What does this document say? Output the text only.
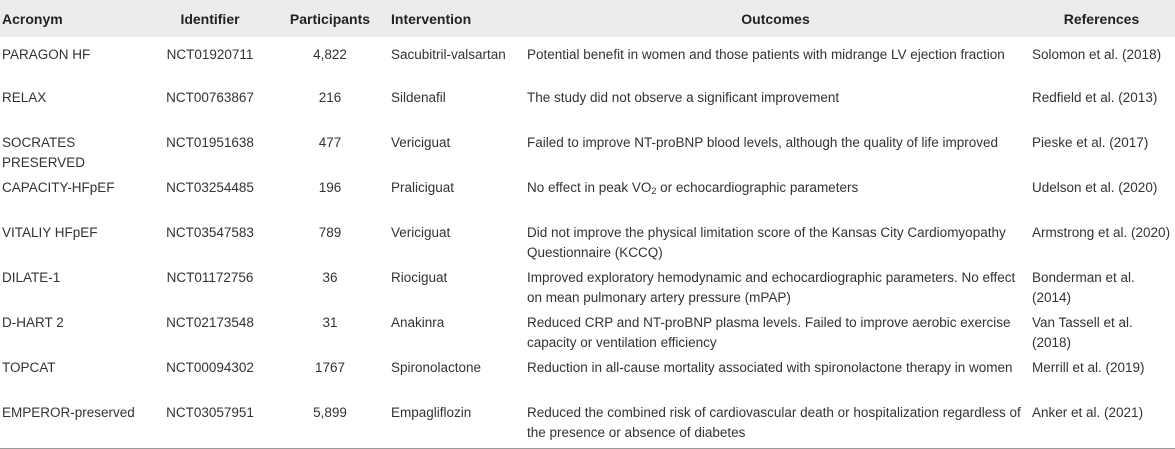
Acronym	Identifier	Participants	Intervention	Outcomes	References
PARAGON HF	NCT01920711	4,822	Sacubitril-valsartan	Potential benefit in women and those patients with midrange LV ejection fraction	Solomon et al. (2018)
RELAX	NCT00763867	216	Sildenafil	The study did not observe a significant improvement	Redfield et al. (2013)
SOCRATES PRESERVED	NCT01951638	477	Vericiguat	Failed to improve NT-proBNP blood levels, although the quality of life improved	Pieske et al. (2017)
CAPACITY-HFpEF	NCT03254485	196	Praliciguat	No effect in peak $VO_2$ or echocardiographic parameters	Udelson et al. (2020)
VITALIY HFpEF	NCT03547583	789	Vericiguat	Did not improve the physical limitation score of the Kansas City Cardiomyopathy Questionnaire (KCCQ)	Armstrong et al. (2020)
DILATE-1	NCT01172756	36	Riociguat	Improved exploratory hemodynamic and echocardiographic parameters. No effect on mean pulmonary artery pressure (mPAP)	Bonderman et al. (2014)
D-HART 2	NCT02173548	31	Anakinra	Reduced CRP and NT-proBNP plasma levels. Failed to improve aerobic exercise capacity or ventilation efficiency	Van Tassell et al. (2018)
TOPCAT	NCT00094302	1767	Spironolactone	Reduction in all-cause mortality associated with spironolactone therapy in women	Merrill et al. (2019)
EMPEROR-preserved	NCT03057951	5,899	Empagliflozin	Reduced the combined risk of cardiovascular death or hospitalization regardless of the presence or absence of diabetes	Anker et al. (2021)
